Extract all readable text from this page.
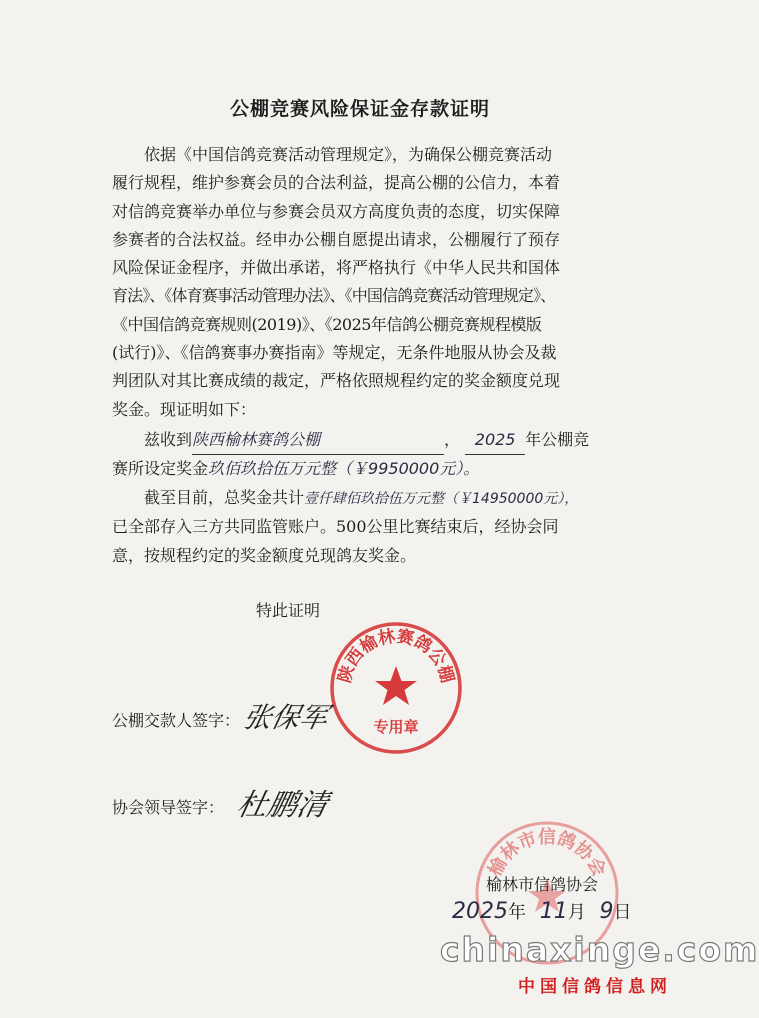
公棚竞赛风险保证金存款证明
依据《中国信鸽竞赛活动管理规定》，为确保公棚竞赛活动
履行规程，维护参赛会员的合法利益，提高公棚的公信力，本着
对信鸽竞赛举办单位与参赛会员双方高度负责的态度，切实保障
参赛者的合法权益。经申办公棚自愿提出请求，公棚履行了预存
风险保证金程序，并做出承诺，将严格执行《中华人民共和国体
育法》、《体育赛事活动管理办法》、《中国信鸽竞赛活动管理规定》、
《中国信鸽竞赛规则(2019)》、《2025年信鸽公棚竞赛规程模版
(试行)》、《信鸽赛事办赛指南》等规定，无条件地服从协会及裁
判团队对其比赛成绩的裁定，严格依照规程约定的奖金额度兑现
奖金。现证明如下：
兹收到陕西榆林赛鸽公棚	， 2025 年公棚竞
赛所设定奖金玖佰玖拾伍万元整（￥9950000元）。
截至目前，总奖金共计壹仟肆佰玖拾伍万元整（￥14950000元），
已全部存入三方共同监管账户。500公里比赛结束后，经协会同
意，按规程约定的奖金额度兑现鸽友奖金。
特此证明
陕西榆林赛鸽公棚
专用章
公棚交款人签字： 张保军
协会领导签字： 杜鹏清
榆林市信鸽协会
榆林市信鸽协会
2025年 11月 9日
chinaxinge.com
中国信鸽信息网
